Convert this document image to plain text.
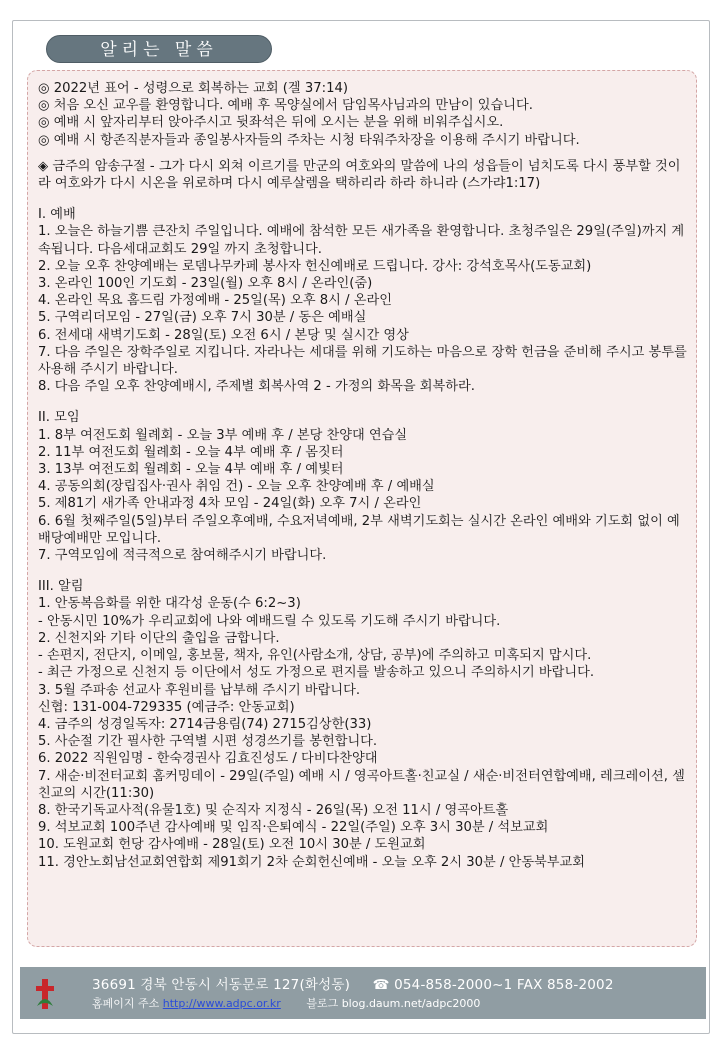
알리는 말씀
◎ 2022년 표어 - 성령으로 회복하는 교회 (겔 37:14)
◎ 처음 오신 교우를 환영합니다. 예배 후 목양실에서 담임목사님과의 만남이 있습니다.
◎ 예배 시 앞자리부터 앉아주시고 뒷좌석은 뒤에 오시는 분을 위해 비워주십시오.
◎ 예배 시 항존직분자들과 종일봉사자들의 주차는 시청 타워주차장을 이용해 주시기 바랍니다.
◈ 금주의 암송구절 - 그가 다시 외쳐 이르기를 만군의 여호와의 말씀에 나의 성읍들이 넘치도록 다시 풍부할 것이라 여호와가 다시 시온을 위로하며 다시 예루살렘을 택하리라 하라 하니라 (스가랴1:17)
I. 예배
1. 오늘은 하늘기쁨 큰잔치 주일입니다. 예배에 참석한 모든 새가족을 환영합니다. 초청주일은 29일(주일)까지 계속됩니다. 다음세대교회도 29일 까지 초청합니다.
2. 오늘 오후 찬양예배는 로뎀나무카페 봉사자 헌신예배로 드립니다. 강사: 강석호목사(도동교회)
3. 온라인 100인 기도회 - 23일(월) 오후 8시 / 온라인(줌)
4. 온라인 목요 홈드림 가정예배 - 25일(목) 오후 8시 / 온라인
5. 구역리더모임 - 27일(금) 오후 7시 30분 / 동은 예배실
6. 전세대 새벽기도회 - 28일(토) 오전 6시 / 본당 및 실시간 영상
7. 다음 주일은 장학주일로 지킵니다. 자라나는 세대를 위해 기도하는 마음으로 장학 헌금을 준비해 주시고 봉투를 사용해 주시기 바랍니다.
8. 다음 주일 오후 찬양예배시, 주제별 회복사역 2 - 가정의 화목을 회복하라.
II. 모임
1. 8부 여전도회 월례회 - 오늘 3부 예배 후 / 본당 찬양대 연습실
2. 11부 여전도회 월례회 - 오늘 4부 예배 후 / 몸짓터
3. 13부 여전도회 월례회 - 오늘 4부 예배 후 / 예빛터
4. 공동의회(장립집사·권사 취임 건) - 오늘 오후 찬양예배 후 / 예배실
5. 제81기 새가족 안내과정 4차 모임 - 24일(화) 오후 7시 / 온라인
6. 6월 첫째주일(5일)부터 주일오후예배, 수요저녁예배, 2부 새벽기도회는 실시간 온라인 예배와 기도회 없이 예배당예배만 모입니다.
7. 구역모임에 적극적으로 참여해주시기 바랍니다.
III. 알림
1. 안동복음화를 위한 대각성 운동(수 6:2~3)
- 안동시민 10%가 우리교회에 나와 예배드릴 수 있도록 기도해 주시기 바랍니다.
2. 신천지와 기타 이단의 출입을 금합니다.
- 손편지, 전단지, 이메일, 홍보물, 책자, 유인(사람소개, 상담, 공부)에 주의하고 미혹되지 맙시다.
- 최근 가정으로 신천지 등 이단에서 성도 가정으로 편지를 발송하고 있으니 주의하시기 바랍니다.
3. 5월 주파송 선교사 후원비를 납부해 주시기 바랍니다.
신협: 131-004-729335 (예금주: 안동교회)
4. 금주의 성경일독자: 2714금용림(74) 2715김상한(33)
5. 사순절 기간 필사한 구역별 시편 성경쓰기를 봉헌합니다.
6. 2022 직원임명 - 한숙경권사 김효진성도 / 다비다찬양대
7. 새순·비전터교회 홈커밍데이 - 29일(주일) 예배 시 / 영곡아트홀·친교실 / 새순·비전터연합예배, 레크레이션, 셀 친교의 시간(11:30)
8. 한국기독교사적(유물1호) 및 순직자 지정식 - 26일(목) 오전 11시 / 영곡아트홀
9. 석보교회 100주년 감사예배 및 임직·은퇴예식 - 22일(주일) 오후 3시 30분 / 석보교회
10. 도원교회 헌당 감사예배 - 28일(토) 오전 10시 30분 / 도원교회
11. 경안노회남선교회연합회 제91회기 2차 순회헌신예배 - 오늘 오후 2시 30분 / 안동북부교회
36691 경북 안동시 서동문로 127(화성동) ☎ 054-858-2000~1 FAX 858-2002
홈페이지 주소 http://www.adpc.or.kr 블로그 blog.daum.net/adpc2000
